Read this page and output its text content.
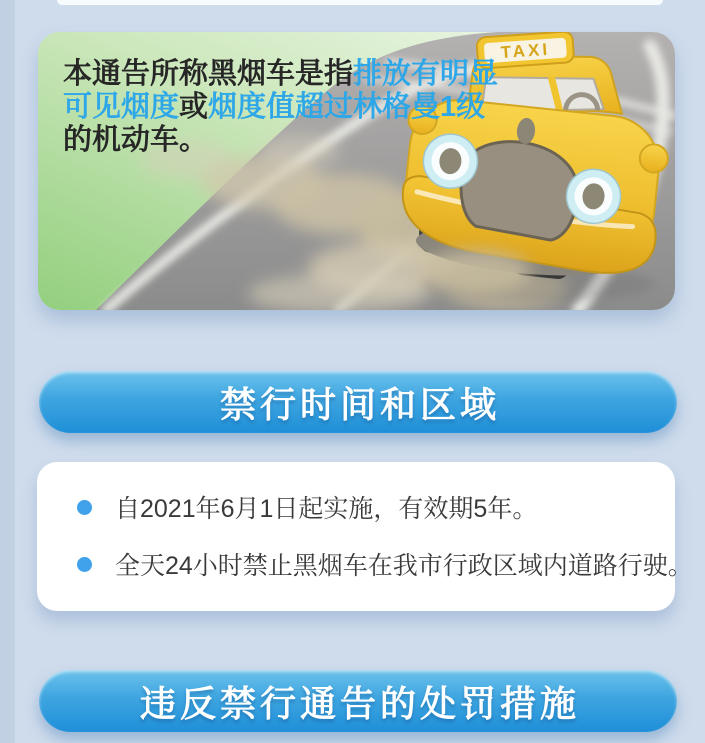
TAXI

本通告所称黑烟车是指排放有明显可见烟度或烟度值超过林格曼1级的机动车。

禁行时间和区域
自2021年6月1日起实施，有效期5年。
全天24小时禁止黑烟车在我市行政区域内道路行驶。
违反禁行通告的处罚措施
